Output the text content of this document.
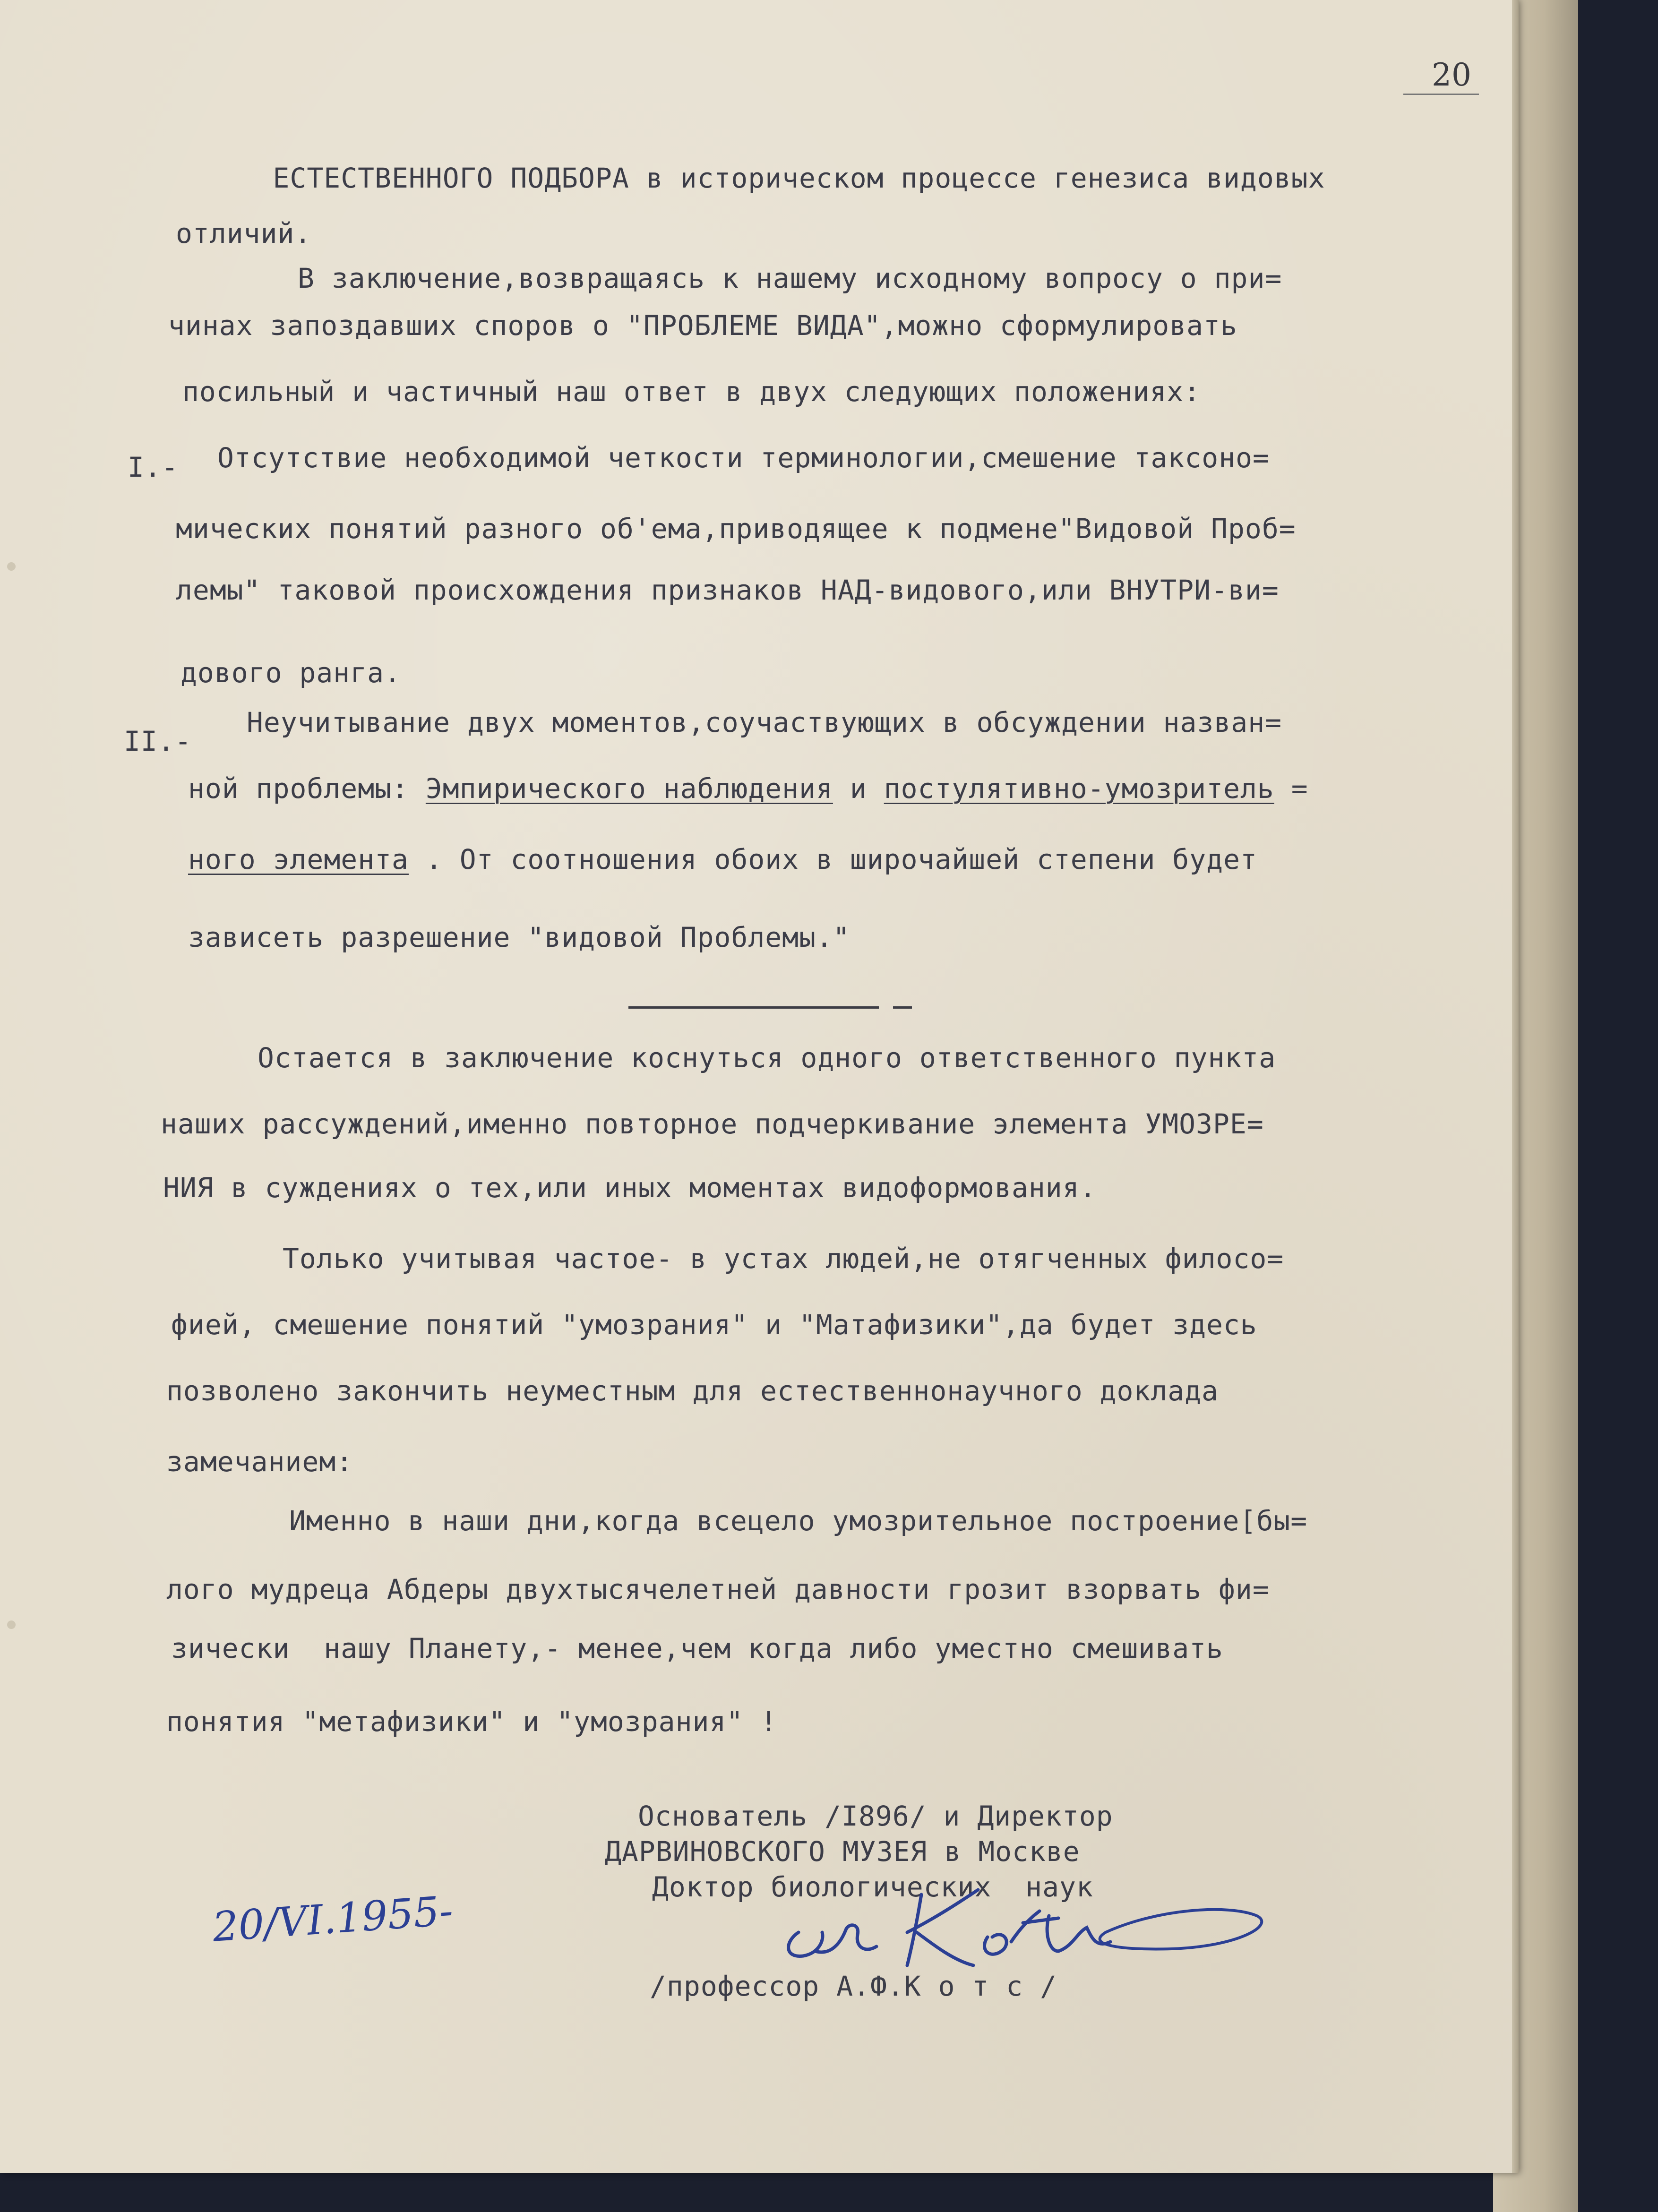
20

ЕСТЕСТВЕННОГО ПОДБОРА в историческом процессе генезиса видовых

отличий.

В заключение,возвращаясь к нашему исходному вопросу о при=

чинах запоздавших споров о "ПРОБЛЕМЕ ВИДА",можно сформулировать

посильный и частичный наш ответ в двух следующих положениях:

I.- Отсутствие необходимой четкости терминологии,смешение таксоно=

мических понятий разного об'ема,приводящее к подмене"Видовой Проб=

лемы" таковой происхождения признаков НАД-видового,или ВНУТРИ-ви=

дового ранга.

II.-

Неучитывание двух моментов,соучаствующих в обсуждении назван=

ной проблемы: Эмпирического наблюдения и постулятивно-умозритель =

ного элемента . От соотношения обоих в широчайшей степени будет

зависеть разрешение "видовой Проблемы."

Остается в заключение коснуться одного ответственного пункта

наших рассуждений,именно повторное подчеркивание элемента УМОЗРЕ=

НИЯ в суждениях о тех,или иных моментах видоформования.

Только учитывая частое- в устах людей,не отягченных филосо=

фией, смешение понятий "умозрания" и "Матафизики",да будет здесь

позволено закончить неуместным для естественнонаучного доклада

замечанием:

Именно в наши дни,когда всецело умозрительное построение[бы=

лого мудреца Абдеры двухтысячелетней давности грозит взорвать фи=

зически  нашу Планету,- менее,чем когда либо уместно смешивать

понятия "метафизики" и "умозрания" !

Основатель /I896/ и Директор

ДАРВИНОВСКОГО МУЗЕЯ в Москве

Доктор биологических  наук

20/VI.1955-

/профессор А.Ф.К о т с /
